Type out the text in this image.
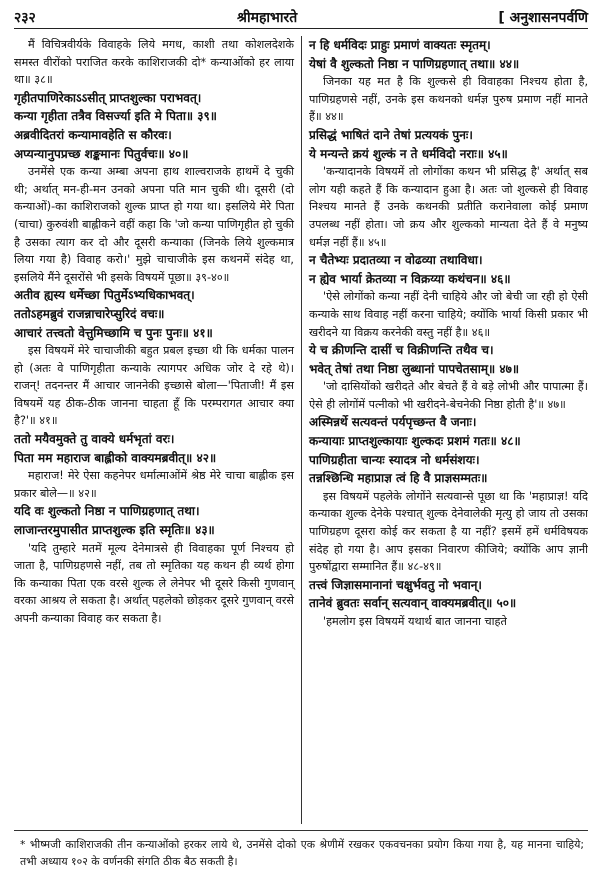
२३२	श्रीमहाभारते	[ अनुशासनपर्वणि

मैं विचित्रवीर्यके विवाहके लिये मगध, काशी तथा कोशलदेशके समस्त वीरोंको पराजित करके काशिराजकी दो* कन्याओंको हर लाया था॥ ३८॥

गृहीतपाणिरेकाऽऽसीत् प्राप्तशुल्का पराभवत्।

कन्या गृहीता तत्रैव विसर्ज्या इति मे पिता॥ ३९॥

अब्रवीदितरां कन्यामावहेति स कौरवः।

अप्यन्यानुपप्रच्छ शङ्कमानः पितुर्वचः॥ ४०॥

उनमेंसे एक कन्या अम्बा अपना हाथ शाल्वराजके हाथमें दे चुकी थी; अर्थात् मन-ही-मन उनको अपना पति मान चुकी थी। दूसरी (दो कन्याओं)-का काशिराजको शुल्क प्राप्त हो गया था। इसलिये मेरे पिता (चाचा) कुरुवंशी बाह्लीकने वहीं कहा कि 'जो कन्या पाणिगृहीत हो चुकी है उसका त्याग कर दो और दूसरी कन्याका (जिनके लिये शुल्कमात्र लिया गया है) विवाह करो।' मुझे चाचाजीके इस कथनमें संदेह था, इसलिये मैंने दूसरोंसे भी इसके विषयमें पूछा॥ ३९-४०॥

अतीव ह्यस्य धर्मेच्छा पितुर्मेऽभ्यधिकाभवत्।

ततोऽहमब्रुवं राजन्नाचारेप्सुरिदं वचः॥

आचारं तत्त्वतो वेत्तुमिच्छामि च पुनः पुनः॥ ४१॥

इस विषयमें मेरे चाचाजीकी बहुत प्रबल इच्छा थी कि धर्मका पालन हो (अतः वे पाणिगृहीता कन्याके त्यागपर अधिक जोर दे रहे थे)। राजन्! तदनन्तर मैं आचार जाननेकी इच्छासे बोला—'पिताजी! मैं इस विषयमें यह ठीक-ठीक जानना चाहता हूँ कि परम्परागत आचार क्या है?'॥ ४१॥

ततो मयैवमुक्ते तु वाक्ये धर्मभृतां वरः।

पिता मम महाराज बाह्लीको वाक्यमब्रवीत्॥ ४२॥

महाराज! मेरे ऐसा कहनेपर धर्मात्माओंमें श्रेष्ठ मेरे चाचा बाह्लीक इस प्रकार बोले—॥ ४२॥

यदि वः शुल्कतो निष्ठा न पाणिग्रहणात् तथा।

लाजान्तरमुपासीत प्राप्तशुल्क इति स्मृतिः॥ ४३॥

'यदि तुम्हारे मतमें मूल्य देनेमात्रसे ही विवाहका पूर्ण निश्चय हो जाता है, पाणिग्रहणसे नहीं, तब तो स्मृतिका यह कथन ही व्यर्थ होगा कि कन्याका पिता एक वरसे शुल्क ले लेनेपर भी दूसरे किसी गुणवान् वरका आश्रय ले सकता है। अर्थात् पहलेको छोड़कर दूसरे गुणवान् वरसे अपनी कन्याका विवाह कर सकता है।

न हि धर्मविदः प्राहुः प्रमाणं वाक्यतः स्मृतम्।

येषां वै शुल्कतो निष्ठा न पाणिग्रहणात् तथा॥ ४४॥

जिनका यह मत है कि शुल्कसे ही विवाहका निश्चय होता है, पाणिग्रहणसे नहीं, उनके इस कथनको धर्मज्ञ पुरुष प्रमाण नहीं मानते हैं॥ ४४॥

प्रसिद्धं भाषितं दाने तेषां प्रत्ययकं पुनः।

ये मन्यन्ते क्रयं शुल्कं न ते धर्मविदो नराः॥ ४५॥

'कन्यादानके विषयमें तो लोगोंका कथन भी प्रसिद्ध है' अर्थात् सब लोग यही कहते हैं कि कन्यादान हुआ है। अतः जो शुल्कसे ही विवाह निश्चय मानते हैं उनके कथनकी प्रतीति करानेवाला कोई प्रमाण उपलब्ध नहीं होता। जो क्रय और शुल्कको मान्यता देते हैं वे मनुष्य धर्मज्ञ नहीं हैं॥ ४५॥

न चैतेभ्यः प्रदातव्या न वोढव्या तथाविधा।

न ह्येव भार्या क्रेतव्या न विक्रय्या कथंचन॥ ४६॥

'ऐसे लोगोंको कन्या नहीं देनी चाहिये और जो बेची जा रही हो ऐसी कन्याके साथ विवाह नहीं करना चाहिये; क्योंकि भार्या किसी प्रकार भी खरीदने या विक्रय करनेकी वस्तु नहीं है॥ ४६॥

ये च क्रीणन्ति दासीं च विक्रीणन्ति तथैव च।

भवेत् तेषां तथा निष्ठा लुब्धानां पापचेतसाम्॥ ४७॥

'जो दासियोंको खरीदते और बेचते हैं वे बड़े लोभी और पापात्मा हैं। ऐसे ही लोगोंमें पत्नीको भी खरीदने-बेचनेकी निष्ठा होती है'॥ ४७॥

अस्मिन्नर्थे सत्यवन्तं पर्यपृच्छन्त वै जनाः।

कन्यायाः प्राप्तशुल्कायाः शुल्कदः प्रशमं गतः॥ ४८॥

पाणिग्रहीता चान्यः स्यादत्र नो धर्मसंशयः।

तन्नश्छिन्धि महाप्राज्ञ त्वं हि वै प्राज्ञसम्मतः॥

इस विषयमें पहलेके लोगोंने सत्यवान्से पूछा था कि 'महाप्राज्ञ! यदि कन्याका शुल्क देनेके पश्चात् शुल्क देनेवालेकी मृत्यु हो जाय तो उसका पाणिग्रहण दूसरा कोई कर सकता है या नहीं? इसमें हमें धर्मविषयक संदेह हो गया है। आप इसका निवारण कीजिये; क्योंकि आप ज्ञानी पुरुषोंद्वारा सम्मानित हैं॥ ४८-४९॥

तत्त्वं जिज्ञासमानानां चक्षुर्भवतु नो भवान्।

तानेवं ब्रुवतः सर्वान् सत्यवान् वाक्यमब्रवीत्॥ ५०॥

'हमलोग इस विषयमें यथार्थ बात जानना चाहते

* भीष्मजी काशिराजकी तीन कन्याओंको हरकर लाये थे, उनमेंसे दोको एक श्रेणीमें रखकर एकवचनका प्रयोग किया गया है, यह मानना चाहिये; तभी अध्याय १०२ के वर्णनकी संगति ठीक बैठ सकती है।
